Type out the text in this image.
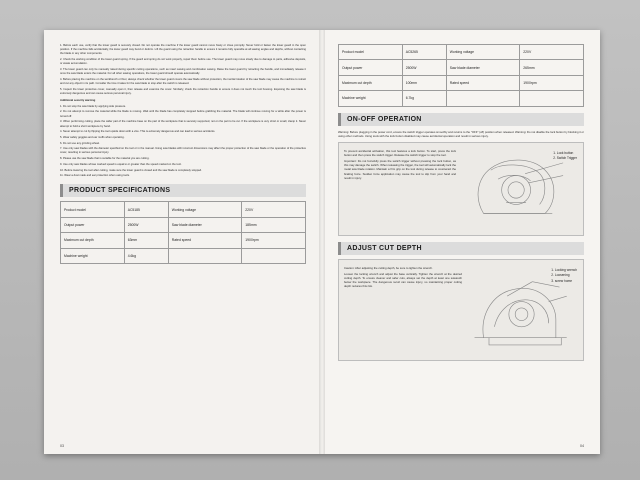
1. Before each use, verify that the lower guard is securely closed. Do not operate the machine if the lower guard cannot move freely or close promptly. Never hold or fasten the lower guard in the open position. If the machine falls accidentally, the lower guard may bend or deform. Lift the guard using the retraction handle to ensure it remains fully operable at all sawing angles and depths, without contacting the blade or any other components.

2. Check the working condition of the lower guard spring. If the guard and spring do not work properly, repair them before use. The lower guard may move slowly due to damage to parts, adhesive deposits, or waste accumulation.

3. The lower guard can only be manually raised during specific cutting operations, such as insert sawing and combination sawing. Raise the lower guard by retracting the handle, and immediately release it once the saw blade enters the material. For all other sawing operations, the lower guard should operate automatically.

4. Before placing the machine on the workbench or floor, always check whether the lower guard covers the saw blade without protection, the inertial rotation of the saw blade may cause the machine to retract and cut any object in its path. Consider the time it takes for the saw blade to stop after the switch is released.

5. Inspect the lower protective cover, manually open it, then release and examine the cover. Similarly, check the retraction handle to ensure it does not touch the tool housing. Exposing the saw blade is extremely dangerous and can cause serious personal injury.

Additional security warning

1. Do not stop the saw blade by applying side pressure.

2. Do not attempt to remove the material while the blade is moving. Wait until the blade has completely stopped before grabbing the material. The blade will continue moving for a while after the power is turned off.

3. When performing cutting, place the wider part of the machine base on the part of the workpiece that is securely supported, not on the part to be cut. If the workpiece is very short or small, clamp it. Never attempt to hold a short workpiece by hand.

4. Never attempt to cut by flipping the tool upside down with a vice. This is extremely dangerous and can lead to serious accidents.

5. Wear safety goggles and ear muffs when operating.

6. Do not use any grinding wheel.

7. Use only saw blades with the diameter specified on the tool or in the manual. Using saw blades with incorrect dimensions may affect the proper protection of the saw blade or the operation of the protective cover, resulting in serious personal injury.

8. Please use the saw blade that is suitable for the material you are cutting.

9. Use only saw blades whose marked speed is equal to or greater than the speed marked on the tool.

10. Before lowering the tool after cutting, make sure the lower guard is closed and the saw blade is completely stopped.

11. Wear a dust mask and ear protection when using tools.

PRODUCT SPECIFICATIONS
Product model	AC5185	Working voltage	220V
Output power	2500W	Saw blade diameter	185mm
Maximum cut depth	63mm	Rated speed	1900rpm
Machine weight	4.6kg		
03
Product model	AC5265	Working voltage	220V
Output power	2500W	Saw blade diameter	265mm
Maximum cut depth	100mm	Rated speed	1900rpm
Machine weight	6.7kg		
ON-OFF OPERATION

Warning: Before plugging in the power cord, ensure the switch trigger operates smoothly and returns to the "OFF" (off) position when released. Warning: Do not disable the lock button by blocking it or using other methods. Using tools with the lock button disabled may cause accidental operation and result in serious injury.

To prevent accidental activation, this tool features a lock button. To start, press the lock button and then press the switch trigger. Release the switch trigger to stop the tool.

Important: Do not forcefully press the switch trigger without pressing the lock button, as this may damage the switch. When releasing the trigger, the tool will automatically lock the metal saw blade rotation. Maintain a firm grip on the tool during release to counteract the braking force. Sudden force application may cause the tool to slip from your hand and result in injury.

1. Lock button
2. Switch Trigger
ADJUST CUT DEPTH

Caution: After adjusting the cutting depth, be sure to tighten the wrench.

Loosen the locking wrench and adjust the base vertically. Tighten the wrench at the desired cutting depth. To ensure cleaner and safer cuts, always set the depth at least one sawtooth below the workpiece. The dangerous recoil can cause injury, so maintaining proper cutting depth reduces this risk.

1. Locking wrench
2. Loosening
3. screw home
04
